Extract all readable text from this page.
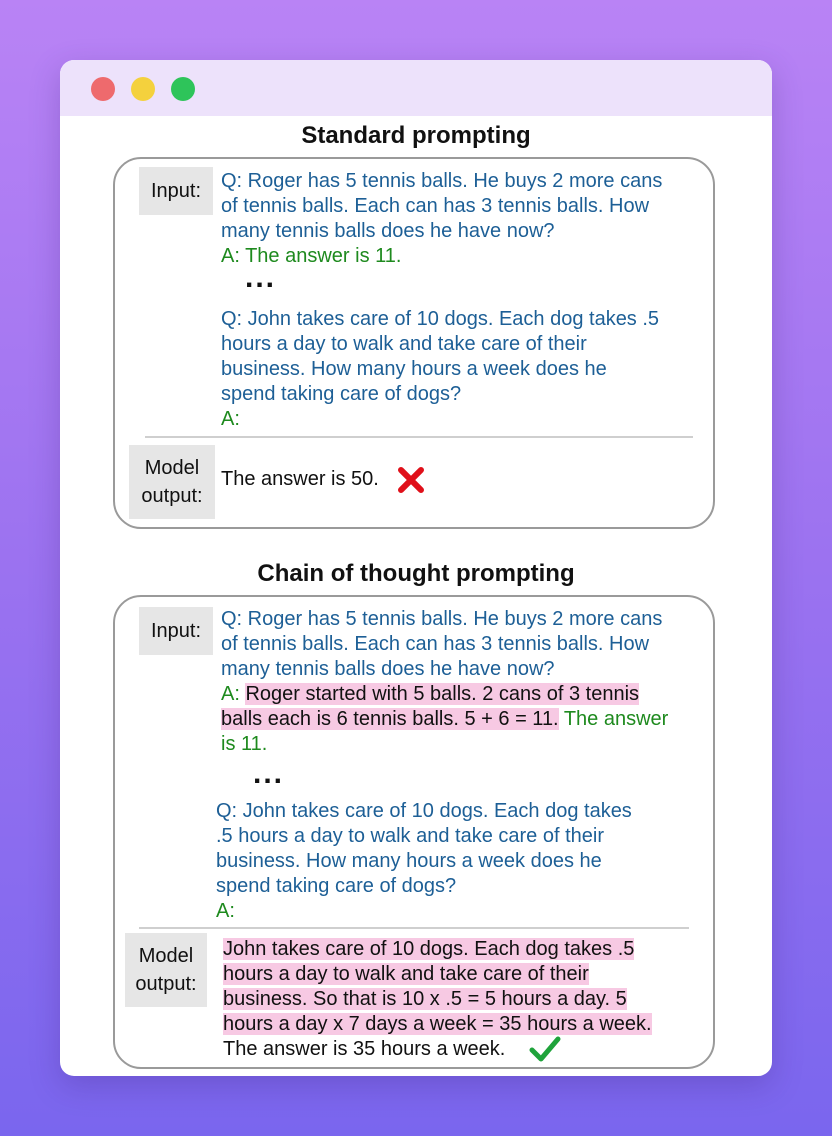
Standard prompting
Input: Q: Roger has 5 tennis balls. He buys 2 more cans
of tennis balls. Each can has 3 tennis balls. How
many tennis balls does he have now?
A: The answer is 11.
...
Q: John takes care of 10 dogs. Each dog takes .5
hours a day to walk and take care of their
business. How many hours a week does he
spend taking care of dogs?
A:
Model
output:
The answer is 50.
Chain of thought prompting
Input:
Q: Roger has 5 tennis balls. He buys 2 more cans
of tennis balls. Each can has 3 tennis balls. How
many tennis balls does he have now?
A: Roger started with 5 balls. 2 cans of 3 tennis
balls each is 6 tennis balls. 5 + 6 = 11. The answer
is 11.
...
Q: John takes care of 10 dogs. Each dog takes
.5 hours a day to walk and take care of their
business. How many hours a week does he
spend taking care of dogs?
A:
Model
output:
John takes care of 10 dogs. Each dog takes .5
hours a day to walk and take care of their
business. So that is 10 x .5 = 5 hours a day. 5
hours a day x 7 days a week = 35 hours a week.
The answer is 35 hours a week.
